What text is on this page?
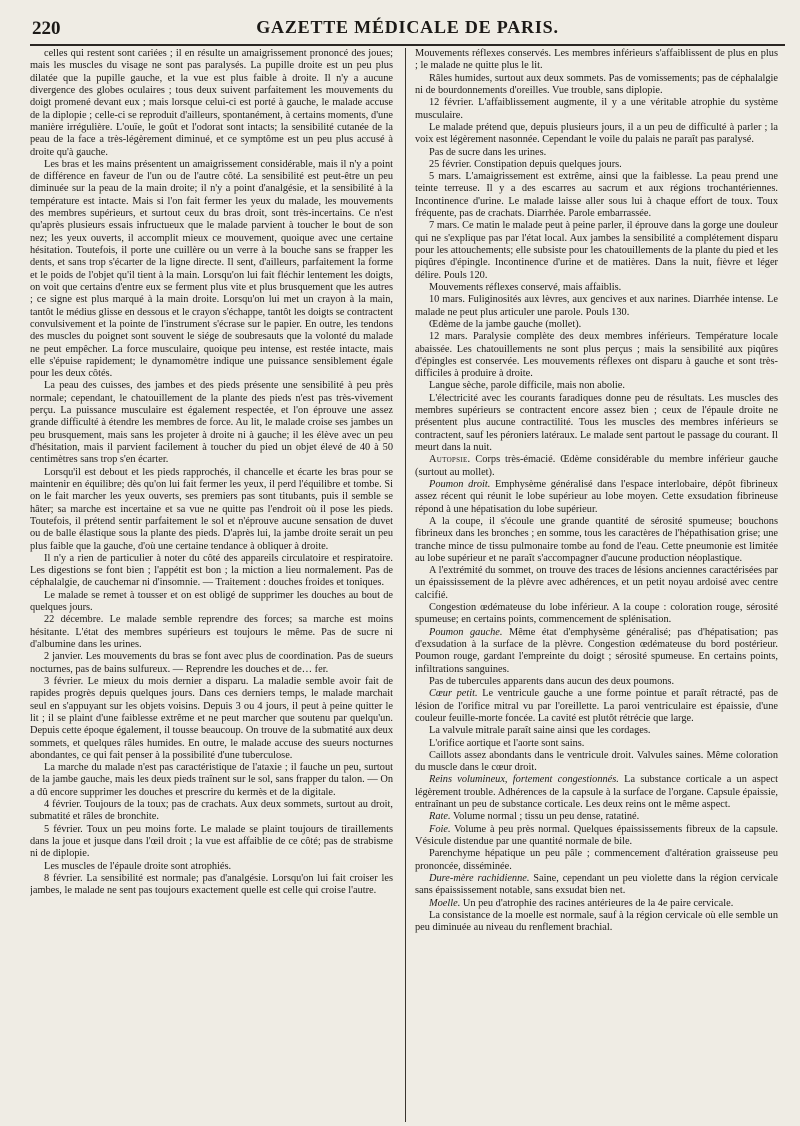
220	GAZETTE MÉDICALE DE PARIS.

celles qui restent sont cariées ; il en résulte un amaigrissement prononcé des joues; mais les muscles du visage ne sont pas paralysés. La pupille droite est un peu plus dilatée que la pupille gauche, et la vue est plus faible à droite. Il n'y a aucune divergence des globes oculaires ; tous deux suivent parfaitement les mouvements du doigt promené devant eux ; mais lorsque celui-ci est porté à gauche, le malade accuse de la diplopie ; celle-ci se reproduit d'ailleurs, spontanément, à certains moments, d'une manière irrégulière. L'ouïe, le goût et l'odorat sont intacts; la sensibilité cutanée de la peau de la face a très-légèrement diminué, et ce symptôme est un peu plus accusé à droite qu'à gauche.

Les bras et les mains présentent un amaigrissement considérable, mais il n'y a point de différence en faveur de l'un ou de l'autre côté. La sensibilité est peut-être un peu diminuée sur la peau de la main droite; il n'y a point d'analgésie, et la sensibilité à la température est intacte. Mais si l'on fait fermer les yeux du malade, les mouvements des membres supérieurs, et surtout ceux du bras droit, sont très-incertains. Ce n'est qu'après plusieurs essais infructueux que le malade parvient à toucher le bout de son nez; les yeux ouverts, il accomplit mieux ce mouvement, quoique avec une certaine hésitation. Toutefois, il porte une cuillère ou un verre à la bouche sans se frapper les dents, et sans trop s'écarter de la ligne directe. Il sent, d'ailleurs, parfaitement la forme et le poids de l'objet qu'il tient à la main. Lorsqu'on lui fait fléchir lentement les doigts, on voit que certains d'entre eux se ferment plus vite et plus brusquement que les autres ; ce signe est plus marqué à la main droite. Lorsqu'on lui met un crayon à la main, tantôt le médius glisse en dessous et le crayon s'échappe, tantôt les doigts se contractent convulsivement et la pointe de l'instrument s'écrase sur le papier. En outre, les tendons des muscles du poignet sont souvent le siége de soubresauts que la volonté du malade ne peut empêcher. La force musculaire, quoique peu intense, est restée intacte, mais elle s'épuise rapidement; le dynamomètre indique une puissance sensiblement égale pour les deux côtés.

La peau des cuisses, des jambes et des pieds présente une sensibilité à peu près normale; cependant, le chatouillement de la plante des pieds n'est pas très-vivement perçu. La puissance musculaire est également respectée, et l'on éprouve une assez grande difficulté à étendre les membres de force. Au lit, le malade croise ses jambes un peu brusquement, mais sans les projeter à droite ni à gauche; il les élève avec un peu d'hésitation, mais il parvient facilement à toucher du pied un objet élevé de 40 à 50 centimètres sans trop s'en écarter.

Lorsqu'il est debout et les pieds rapprochés, il chancelle et écarte les bras pour se maintenir en équilibre; dès qu'on lui fait fermer les yeux, il perd l'équilibre et tombe. Si on le fait marcher les yeux ouverts, ses premiers pas sont titubants, puis il semble se hâter; sa marche est incertaine et sa vue ne quitte pas l'endroit où il pose les pieds. Toutefois, il prétend sentir parfaitement le sol et n'éprouve aucune sensation de duvet ou de balle élastique sous la plante des pieds. D'après lui, la jambe droite serait un peu plus faible que la gauche, d'où une certaine tendance à obliquer à droite.

Il n'y a rien de particulier à noter du côté des appareils circulatoire et respiratoire. Les digestions se font bien ; l'appétit est bon ; la miction a lieu normalement. Pas de céphalalgie, de cauchemar ni d'insomnie. — Traitement : douches froides et toniques.

Le malade se remet à tousser et on est obligé de supprimer les douches au bout de quelques jours.

22 décembre. Le malade semble reprendre des forces; sa marche est moins hésitante. L'état des membres supérieurs est toujours le même. Pas de sucre ni d'albumine dans les urines.

2 janvier. Les mouvements du bras se font avec plus de coordination. Pas de sueurs nocturnes, pas de bains sulfureux. — Reprendre les douches et de… fer.

3 février. Le mieux du mois dernier a disparu. La maladie semble avoir fait de rapides progrès depuis quelques jours. Dans ces derniers temps, le malade marchait seul en s'appuyant sur les objets voisins. Depuis 3 ou 4 jours, il peut à peine quitter le lit ; il se plaint d'une faiblesse extrême et ne peut marcher que soutenu par quelqu'un. Depuis cette époque également, il tousse beaucoup. On trouve de la submatité aux deux sommets, et quelques râles humides. En outre, le malade accuse des sueurs nocturnes abondantes, ce qui fait penser à la possibilité d'une tuberculose.

La marche du malade n'est pas caractéristique de l'ataxie ; il fauche un peu, surtout de la jambe gauche, mais les deux pieds traînent sur le sol, sans frapper du talon. — On a dû encore supprimer les douches et prescrire du kermès et de la digitale.

4 février. Toujours de la toux; pas de crachats. Aux deux sommets, surtout au droit, submatité et râles de bronchite.

5 février. Toux un peu moins forte. Le malade se plaint toujours de tiraillements dans la joue et jusque dans l'œil droit ; la vue est affaiblie de ce côté; pas de strabisme ni de diplopie.

Les muscles de l'épaule droite sont atrophiés.

8 février. La sensibilité est normale; pas d'analgésie. Lorsqu'on lui fait croiser les jambes, le malade ne sent pas toujours exactement quelle est celle qui croise l'autre.

Mouvements réflexes conservés. Les membres inférieurs s'affaiblissent de plus en plus ; le malade ne quitte plus le lit.

Râles humides, surtout aux deux sommets. Pas de vomissements; pas de céphalalgie ni de bourdonnements d'oreilles. Vue trouble, sans diplopie.

12 février. L'affaiblissement augmente, il y a une véritable atrophie du système musculaire.

Le malade prétend que, depuis plusieurs jours, il a un peu de difficulté à parler ; la voix est légèrement nasonnée. Cependant le voile du palais ne paraît pas paralysé.

Pas de sucre dans les urines.

25 février. Constipation depuis quelques jours.

5 mars. L'amaigrissement est extrême, ainsi que la faiblesse. La peau prend une teinte terreuse. Il y a des escarres au sacrum et aux régions trochantériennes. Incontinence d'urine. Le malade laisse aller sous lui à chaque effort de toux. Toux fréquente, pas de crachats. Diarrhée. Parole embarrassée.

7 mars. Ce matin le malade peut à peine parler, il éprouve dans la gorge une douleur qui ne s'explique pas par l'état local. Aux jambes la sensibilité a complétement disparu pour les attouchements; elle subsiste pour les chatouillements de la plante du pied et les piqûres d'épingle. Incontinence d'urine et de matières. Dans la nuit, fièvre et léger délire. Pouls 120.

Mouvements réflexes conservé, mais affaiblis.

10 mars. Fuliginosités aux lèvres, aux gencives et aux narines. Diarrhée intense. Le malade ne peut plus articuler une parole. Pouls 130.

Œdème de la jambe gauche (mollet).

12 mars. Paralysie complète des deux membres inférieurs. Température locale abaissée. Les chatouillements ne sont plus perçus ; mais la sensibilité aux piqûres d'épingles est conservée. Les mouvements réflexes ont disparu à gauche et sont très-difficiles à produire à droite.

Langue sèche, parole difficile, mais non abolie.

L'électricité avec les courants faradiques donne peu de résultats. Les muscles des membres supérieurs se contractent encore assez bien ; ceux de l'épaule droite ne présentent plus aucune contractilité. Tous les muscles des membres inférieurs se contractent, sauf les péroniers latéraux. Le malade sent partout le passage du courant. Il meurt dans la nuit.

Autopsie. Corps très-émacié. Œdème considérable du membre inférieur gauche (surtout au mollet).

Poumon droit. Emphysème généralisé dans l'espace interlobaire, dépôt fibrineux assez récent qui réunit le lobe supérieur au lobe moyen. Cette exsudation fibrineuse répond à une hépatisation du lobe supérieur.

A la coupe, il s'écoule une grande quantité de sérosité spumeuse; bouchons fibrineux dans les bronches ; en somme, tous les caractères de l'hépathisation grise; une tranche mince de tissu pulmonaire tombe au fond de l'eau. Cette pneumonie est limitée au lobe supérieur et ne paraît s'accompagner d'aucune production néoplastique.

A l'extrémité du sommet, on trouve des traces de lésions anciennes caractérisées par un épaississement de la plèvre avec adhérences, et un petit noyau ardoisé avec centre calcifié.

Congestion œdémateuse du lobe inférieur. A la coupe : coloration rouge, sérosité spumeuse; en certains points, commencement de splénisation.

Poumon gauche. Même état d'emphysème généralisé; pas d'hépatisation; pas d'exsudation à la surface de la plèvre. Congestion œdémateuse du bord postérieur. Poumon rouge, gardant l'empreinte du doigt ; sérosité spumeuse. En certains points, infiltrations sanguines.

Pas de tubercules apparents dans aucun des deux poumons.

Cœur petit. Le ventricule gauche a une forme pointue et paraît rétracté, pas de lésion de l'orifice mitral vu par l'oreillette. La paroi ventriculaire est épaissie, d'une couleur feuille-morte foncée. La cavité est plutôt rétrécie que large.

La valvule mitrale paraît saine ainsi que les cordages.

L'orifice aortique et l'aorte sont sains.

Caillots assez abondants dans le ventricule droit. Valvules saines. Même coloration du muscle dans le cœur droit.

Reins volumineux, fortement congestionnés. La substance corticale a un aspect légèrement trouble. Adhérences de la capsule à la surface de l'organe. Capsule épaissie, entraînant un peu de substance corticale. Les deux reins ont le même aspect.

Rate. Volume normal ; tissu un peu dense, ratatiné.

Foie. Volume à peu près normal. Quelques épaississements fibreux de la capsule. Vésicule distendue par une quantité normale de bile.

Parenchyme hépatique un peu pâle ; commencement d'altération graisseuse peu prononcée, disséminée.

Dure-mère rachidienne. Saine, cependant un peu violette dans la région cervicale sans épaississement notable, sans exsudat bien net.

Moelle. Un peu d'atrophie des racines antérieures de la 4e paire cervicale.

La consistance de la moelle est normale, sauf à la région cervicale où elle semble un peu diminuée au niveau du renflement brachial.
